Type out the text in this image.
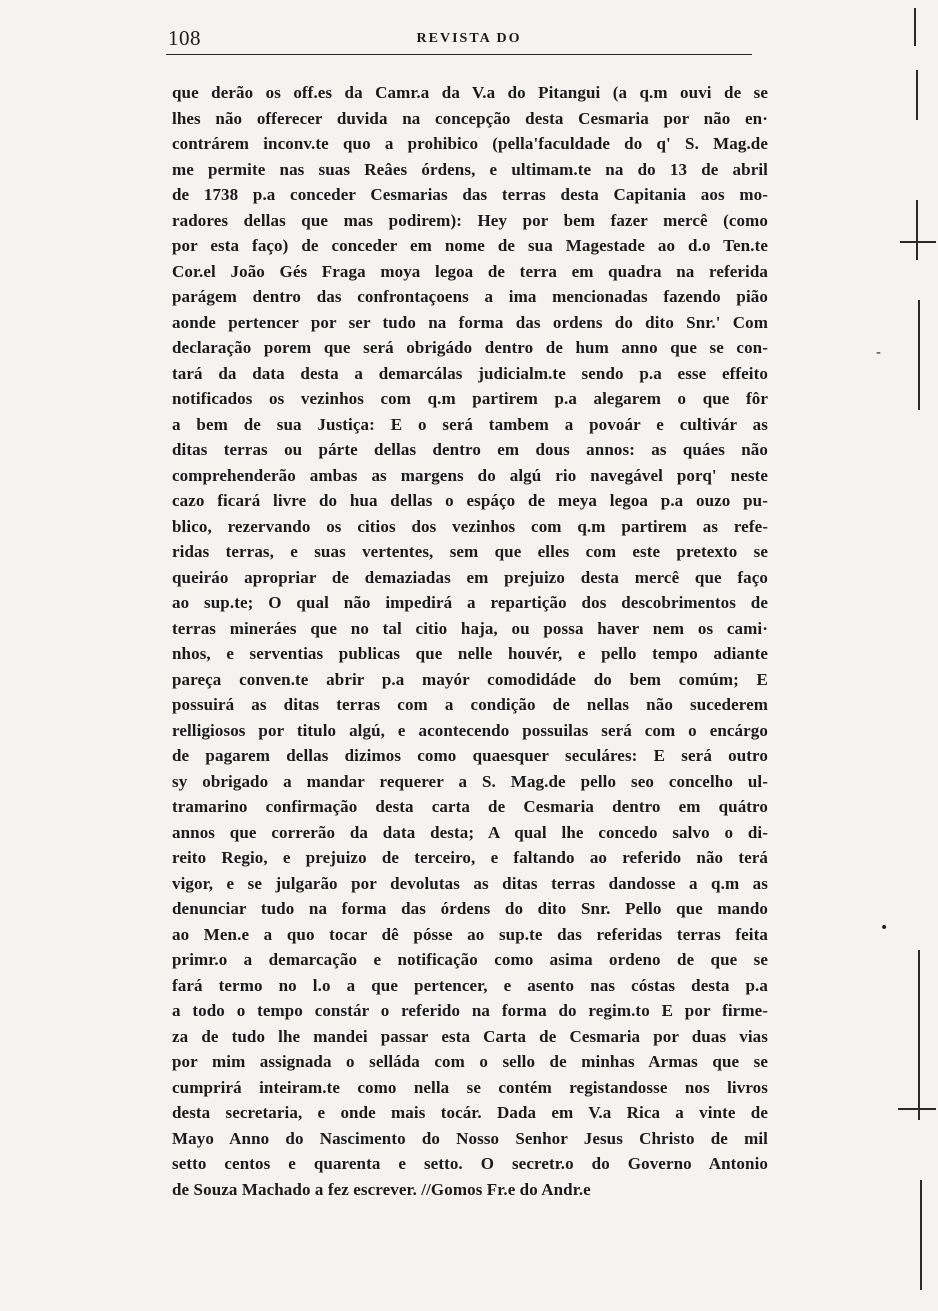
108	REVISTA DO
que derão os off.es da Camr.a da V.a do Pitangui (a q.m ouvi de se
lhes não offerecer duvida na concepção desta Cesmaria por não en·
contrárem inconv.te quo a prohibico (pella'faculdade do q' S. Mag.de
me permite nas suas Reâes órdens, e ultimam.te na do 13 de abril
de 1738 p.a conceder Cesmarias das terras desta Capitania aos mo-
radores dellas que mas podirem): Hey por bem fazer mercê (como
por esta faço) de conceder em nome de sua Magestade ao d.o Ten.te
Cor.el João Gés Fraga moya legoa de terra em quadra na referida
parágem dentro das confrontaçoens a ima mencionadas fazendo pião
aonde pertencer por ser tudo na forma das ordens do dito Snr.' Com
declaração porem que será obrigádo dentro de hum anno que se con-
tará da data desta a demarcálas judicialm.te sendo p.a esse effeito
notificados os vezinhos com q.m partirem p.a alegarem o que fôr
a bem de sua Justiça: E o será tambem a povoár e cultivár as
ditas terras ou párte dellas dentro em dous annos: as quáes não
comprehenderão ambas as margens do algú rio navegável porq' neste
cazo ficará livre do hua dellas o espáço de meya legoa p.a ouzo pu-
blico, rezervando os citios dos vezinhos com q.m partirem as refe-
ridas terras, e suas vertentes, sem que elles com este pretexto se
queiráo apropriar de demaziadas em prejuizo desta mercê que faço
ao sup.te; O qual não impedirá a repartição dos descobrimentos de
terras mineráes que no tal citio haja, ou possa haver nem os cami·
nhos, e serventias publicas que nelle houvér, e pello tempo adiante
pareça conven.te abrir p.a mayór comodidáde do bem comúm; E
possuirá as ditas terras com a condição de nellas não sucederem
relligiosos por titulo algú, e acontecendo possuilas será com o encárgo
de pagarem dellas dizimos como quaesquer seculáres: E será outro
sy obrigado a mandar requerer a S. Mag.de pello seo concelho ul-
tramarino confirmação desta carta de Cesmaria dentro em quátro
annos que correrão da data desta; A qual lhe concedo salvo o di-
reito Regio, e prejuizo de terceiro, e faltando ao referido não terá
vigor, e se julgarão por devolutas as ditas terras dandosse a q.m as
denunciar tudo na forma das órdens do dito Snr. Pello que mando
ao Men.e a quo tocar dê pósse ao sup.te das referidas terras feita
primr.o a demarcação e notificação como asima ordeno de que se
fará termo no l.o a que pertencer, e asento nas cóstas desta p.a
a todo o tempo constár o referido na forma do regim.to E por firme-
za de tudo lhe mandei passar esta Carta de Cesmaria por duas vias
por mim assignada o selláda com o sello de minhas Armas que se
cumprirá inteiram.te como nella se contém registandosse nos livros
desta secretaria, e onde mais tocár. Dada em V.a Rica a vinte de
Mayo Anno do Nascimento do Nosso Senhor Jesus Christo de mil
setto centos e quarenta e setto. O secretr.o do Governo Antonio
de Souza Machado a fez escrever. //Gomos Fr.e do Andr.e
-
•
